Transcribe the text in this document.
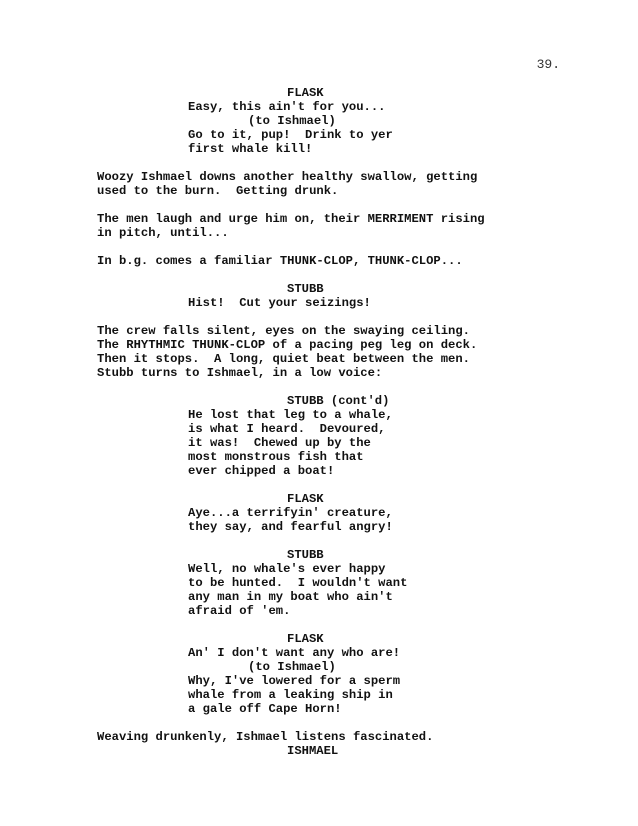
39.
FLASK
Easy, this ain't for you...
(to Ishmael)
Go to it, pup!  Drink to yer
first whale kill!
Woozy Ishmael downs another healthy swallow, getting
used to the burn.  Getting drunk.
The men laugh and urge him on, their MERRIMENT rising
in pitch, until...
In b.g. comes a familiar THUNK-CLOP, THUNK-CLOP...
STUBB
Hist!  Cut your seizings!
The crew falls silent, eyes on the swaying ceiling.
The RHYTHMIC THUNK-CLOP of a pacing peg leg on deck.
Then it stops.  A long, quiet beat between the men.
Stubb turns to Ishmael, in a low voice:
STUBB (cont'd)
He lost that leg to a whale,
is what I heard.  Devoured,
it was!  Chewed up by the
most monstrous fish that
ever chipped a boat!
FLASK
Aye...a terrifyin' creature,
they say, and fearful angry!
STUBB
Well, no whale's ever happy
to be hunted.  I wouldn't want
any man in my boat who ain't
afraid of 'em.
FLASK
An' I don't want any who are!
(to Ishmael)
Why, I've lowered for a sperm
whale from a leaking ship in
a gale off Cape Horn!
Weaving drunkenly, Ishmael listens fascinated.
ISHMAEL
